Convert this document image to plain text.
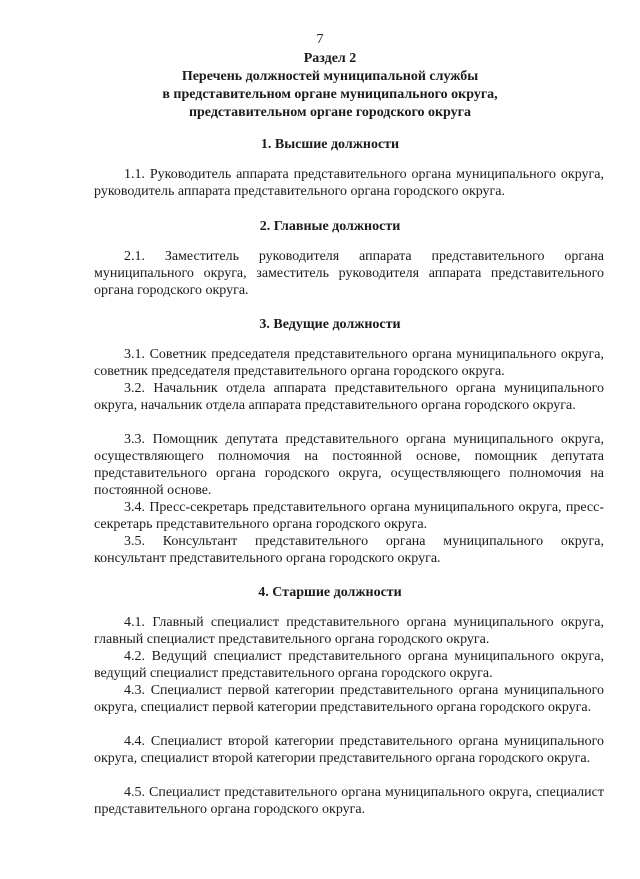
7
Раздел 2
Перечень должностей муниципальной службы
в представительном органе муниципального округа,
представительном органе городского округа
1. Высшие должности
1.1. Руководитель аппарата представительного органа муниципального округа, руководитель аппарата представительного органа городского округа.
2. Главные должности
2.1. Заместитель руководителя аппарата представительного органа муниципального округа, заместитель руководителя аппарата представительного органа городского округа.
3. Ведущие должности
3.1. Советник председателя представительного органа муниципального округа, советник председателя представительного органа городского округа.
3.2. Начальник отдела аппарата представительного органа муниципального округа, начальник отдела аппарата представительного органа городского округа.
3.3. Помощник депутата представительного органа муниципального округа, осуществляющего полномочия на постоянной основе, помощник депутата представительного органа городского округа, осуществляющего полномочия на постоянной основе.
3.4. Пресс-секретарь представительного органа муниципального округа, пресс-секретарь представительного органа городского округа.
3.5. Консультант представительного органа муниципального округа, консультант представительного органа городского округа.
4. Старшие должности
4.1. Главный специалист представительного органа муниципального округа, главный специалист представительного органа городского округа.
4.2. Ведущий специалист представительного органа муниципального округа, ведущий специалист представительного органа городского округа.
4.3. Специалист первой категории представительного органа муниципального округа, специалист первой категории представительного органа городского округа.
4.4. Специалист второй категории представительного органа муниципального округа, специалист второй категории представительного органа городского округа.
4.5. Специалист представительного органа муниципального округа, специалист представительного органа городского округа.
